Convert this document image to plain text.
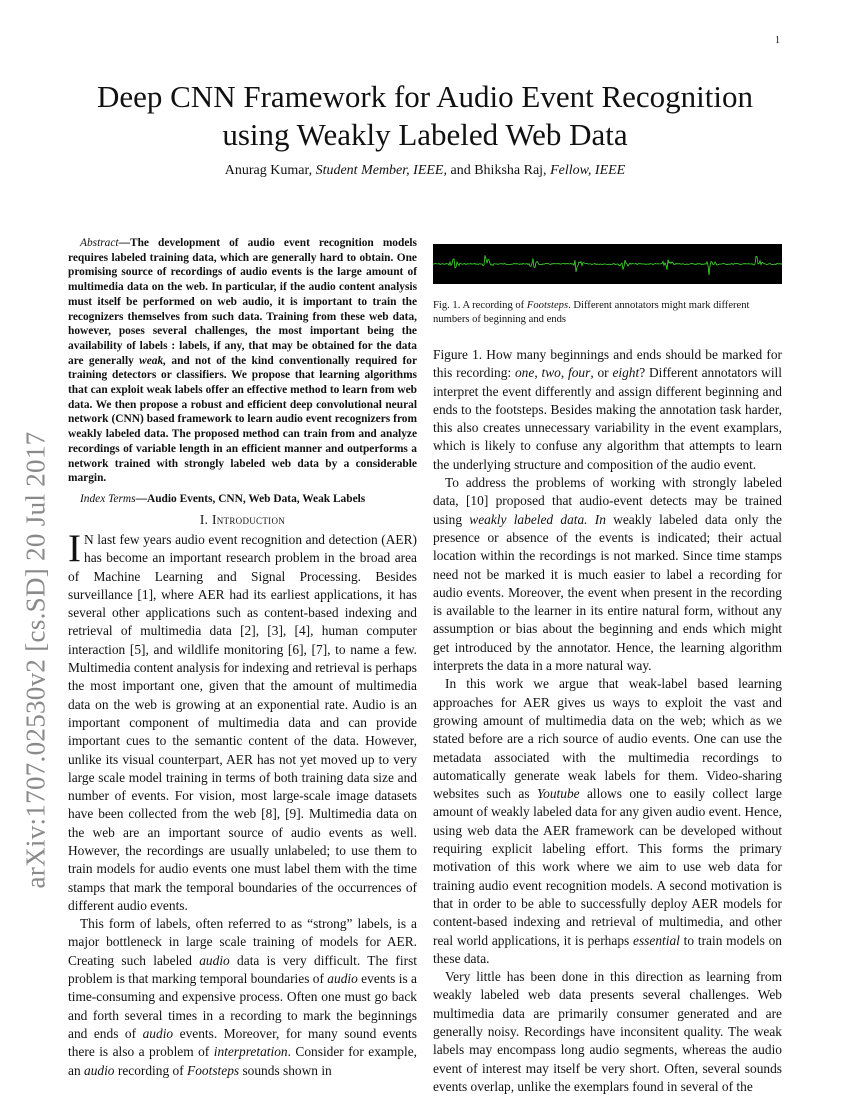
1
arXiv:1707.02530v2 [cs.SD] 20 Jul 2017
Deep CNN Framework for Audio Event Recognition using Weakly Labeled Web Data
Anurag Kumar, Student Member, IEEE, and Bhiksha Raj, Fellow, IEEE

Abstract—The development of audio event recognition models requires labeled training data, which are generally hard to obtain. One promising source of recordings of audio events is the large amount of multimedia data on the web. In particular, if the audio content analysis must itself be performed on web audio, it is important to train the recognizers themselves from such data. Training from these web data, however, poses several challenges, the most important being the availability of labels : labels, if any, that may be obtained for the data are generally weak, and not of the kind conventionally required for training detectors or classifiers. We propose that learning algorithms that can exploit weak labels offer an effective method to learn from web data. We then propose a robust and efficient deep convolutional neural network (CNN) based framework to learn audio event recognizers from weakly labeled data. The proposed method can train from and analyze recordings of variable length in an efficient manner and outperforms a network trained with strongly labeled web data by a considerable margin.

Index Terms—Audio Events, CNN, Web Data, Weak Labels

I. Introduction

I N last few years audio event recognition and detection (AER) has become an important research problem in the broad area of Machine Learning and Signal Processing. Besides surveillance [1], where AER had its earliest applications, it has several other applications such as content-based indexing and retrieval of multimedia data [2], [3], [4], human computer interaction [5], and wildlife monitoring [6], [7], to name a few. Multimedia content analysis for indexing and retrieval is perhaps the most important one, given that the amount of multimedia data on the web is growing at an exponential rate. Audio is an important component of multimedia data and can provide important cues to the semantic content of the data. However, unlike its visual counterpart, AER has not yet moved up to very large scale model training in terms of both training data size and number of events. For vision, most large-scale image datasets have been collected from the web [8], [9]. Multimedia data on the web are an important source of audio events as well. However, the recordings are usually unlabeled; to use them to train models for audio events one must label them with the time stamps that mark the temporal boundaries of the occurrences of different audio events.

This form of labels, often referred to as “strong” labels, is a major bottleneck in large scale training of models for AER. Creating such labeled audio data is very difficult. The first problem is that marking temporal boundaries of audio events is a time-consuming and expensive process. Often one must go back and forth several times in a recording to mark the beginnings and ends of audio events. Moreover, for many sound events there is also a problem of interpretation. Consider for example, an audio recording of Footsteps sounds shown in

Fig. 1. A recording of Footsteps. Different annotators might mark different numbers of beginning and ends

Figure 1. How many beginnings and ends should be marked for this recording: one, two, four, or eight? Different annotators will interpret the event differently and assign different beginning and ends to the footsteps. Besides making the annotation task harder, this also creates unnecessary variability in the event examplars, which is likely to confuse any algorithm that attempts to learn the underlying structure and composition of the audio event.

To address the problems of working with strongly labeled data, [10] proposed that audio-event detects may be trained using weakly labeled data. In weakly labeled data only the presence or absence of the events is indicated; their actual location within the recordings is not marked. Since time stamps need not be marked it is much easier to label a recording for audio events. Moreover, the event when present in the recording is available to the learner in its entire natural form, without any assumption or bias about the beginning and ends which might get introduced by the annotator. Hence, the learning algorithm interprets the data in a more natural way.

In this work we argue that weak-label based learning approaches for AER gives us ways to exploit the vast and growing amount of multimedia data on the web; which as we stated before are a rich source of audio events. One can use the metadata associated with the multimedia recordings to automatically generate weak labels for them. Video-sharing websites such as Youtube allows one to easily collect large amount of weakly labeled data for any given audio event. Hence, using web data the AER framework can be developed without requiring explicit labeling effort. This forms the primary motivation of this work where we aim to use web data for training audio event recognition models. A second motivation is that in order to be able to successfully deploy AER models for content-based indexing and retrieval of multimedia, and other real world applications, it is perhaps essential to train models on these data.

Very little has been done in this direction as learning from weakly labeled web data presents several challenges. Web multimedia data are primarily consumer generated and are generally noisy. Recordings have inconsitent quality. The weak labels may encompass long audio segments, whereas the audio event of interest may itself be very short. Often, several sounds events overlap, unlike the exemplars found in several of the
